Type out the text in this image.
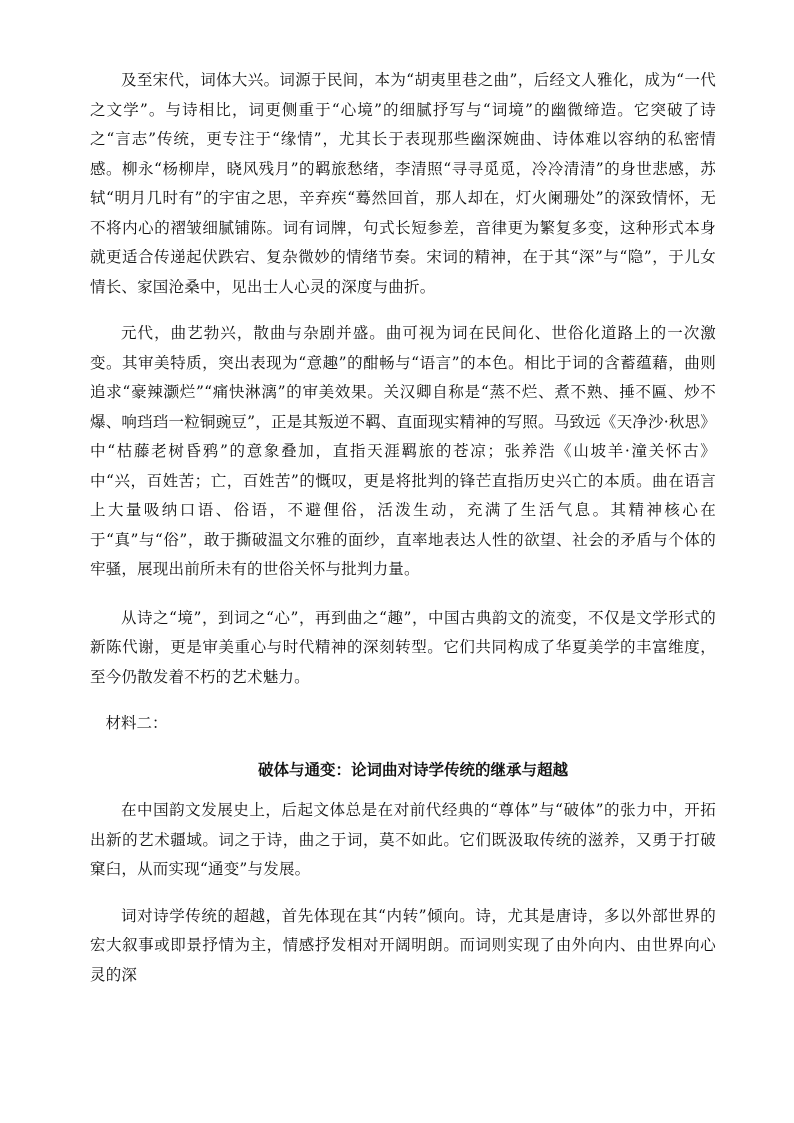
及至宋代，词体大兴。词源于民间，本为“胡夷里巷之曲”，后经文人雅化，成为“一代之文学”。与诗相比，词更侧重于“心境”的细腻抒写与“词境”的幽微缔造。它突破了诗之“言志”传统，更专注于“缘情”，尤其长于表现那些幽深婉曲、诗体难以容纳的私密情感。柳永“杨柳岸，晓风残月”的羁旅愁绪，李清照“寻寻觅觅，冷冷清清”的身世悲感，苏轼“明月几时有”的宇宙之思，辛弃疾“蓦然回首，那人却在，灯火阑珊处”的深致情怀，无不将内心的褶皱细腻铺陈。词有词牌，句式长短参差，音律更为繁复多变，这种形式本身就更适合传递起伏跌宕、复杂微妙的情绪节奏。宋词的精神，在于其“深”与“隐”，于儿女情长、家国沧桑中，见出士人心灵的深度与曲折。

元代，曲艺勃兴，散曲与杂剧并盛。曲可视为词在民间化、世俗化道路上的一次激变。其审美特质，突出表现为“意趣”的酣畅与“语言”的本色。相比于词的含蓄蕴藉，曲则追求“豪辣灏烂”“痛快淋漓”的审美效果。关汉卿自称是“蒸不烂、煮不熟、捶不匾、炒不爆、响珰珰一粒铜豌豆”，正是其叛逆不羁、直面现实精神的写照。马致远《天净沙·秋思》中“枯藤老树昏鸦”的意象叠加，直指天涯羁旅的苍凉；张养浩《山坡羊·潼关怀古》中“兴，百姓苦；亡，百姓苦”的慨叹，更是将批判的锋芒直指历史兴亡的本质。曲在语言上大量吸纳口语、俗语，不避俚俗，活泼生动，充满了生活气息。其精神核心在于“真”与“俗”，敢于撕破温文尔雅的面纱，直率地表达人性的欲望、社会的矛盾与个体的牢骚，展现出前所未有的世俗关怀与批判力量。

从诗之“境”，到词之“心”，再到曲之“趣”，中国古典韵文的流变，不仅是文学形式的新陈代谢，更是审美重心与时代精神的深刻转型。它们共同构成了华夏美学的丰富维度，至今仍散发着不朽的艺术魅力。

材料二：

破体与通变：论词曲对诗学传统的继承与超越

在中国韵文发展史上，后起文体总是在对前代经典的“尊体”与“破体”的张力中，开拓出新的艺术疆域。词之于诗，曲之于词，莫不如此。它们既汲取传统的滋养，又勇于打破窠臼，从而实现“通变”与发展。

词对诗学传统的超越，首先体现在其“内转”倾向。诗，尤其是唐诗，多以外部世界的宏大叙事或即景抒情为主，情感抒发相对开阔明朗。而词则实现了由外向内、由世界向心灵的深
